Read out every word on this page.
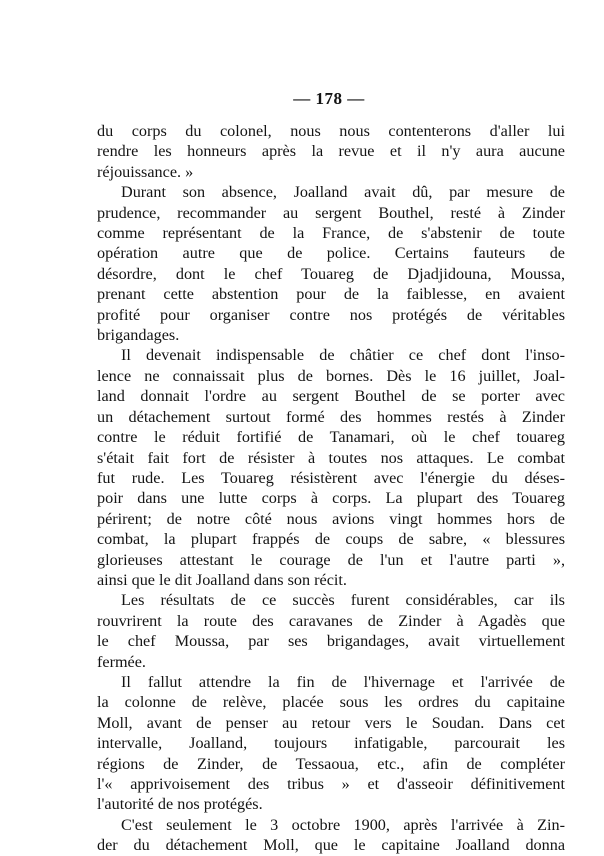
— 178 —
du corps du colonel, nous nous contenterons d'aller lui
rendre les honneurs après la revue et il n'y aura aucune
réjouissance. »
Durant son absence, Joalland avait dû, par mesure de
prudence, recommander au sergent Bouthel, resté à Zinder
comme représentant de la France, de s'abstenir de toute
opération autre que de police. Certains fauteurs de
désordre, dont le chef Touareg de Djadjidouna, Moussa,
prenant cette abstention pour de la faiblesse, en avaient
profité pour organiser contre nos protégés de véritables
brigandages.
Il devenait indispensable de châtier ce chef dont l'inso-
lence ne connaissait plus de bornes. Dès le 16 juillet, Joal-
land donnait l'ordre au sergent Bouthel de se porter avec
un détachement surtout formé des hommes restés à Zinder
contre le réduit fortifié de Tanamari, où le chef touareg
s'était fait fort de résister à toutes nos attaques. Le combat
fut rude. Les Touareg résistèrent avec l'énergie du déses-
poir dans une lutte corps à corps. La plupart des Touareg
périrent; de notre côté nous avions vingt hommes hors de
combat, la plupart frappés de coups de sabre, « blessures
glorieuses attestant le courage de l'un et l'autre parti »,
ainsi que le dit Joalland dans son récit.
Les résultats de ce succès furent considérables, car ils
rouvrirent la route des caravanes de Zinder à Agadès que
le chef Moussa, par ses brigandages, avait virtuellement
fermée.
Il fallut attendre la fin de l'hivernage et l'arrivée de
la colonne de relève, placée sous les ordres du capitaine
Moll, avant de penser au retour vers le Soudan. Dans cet
intervalle, Joalland, toujours infatigable, parcourait les
régions de Zinder, de Tessaoua, etc., afin de compléter
l'« apprivoisement des tribus » et d'asseoir définitivement
l'autorité de nos protégés.
C'est seulement le 3 octobre 1900, après l'arrivée à Zin-
der du détachement Moll, que le capitaine Joalland donna
